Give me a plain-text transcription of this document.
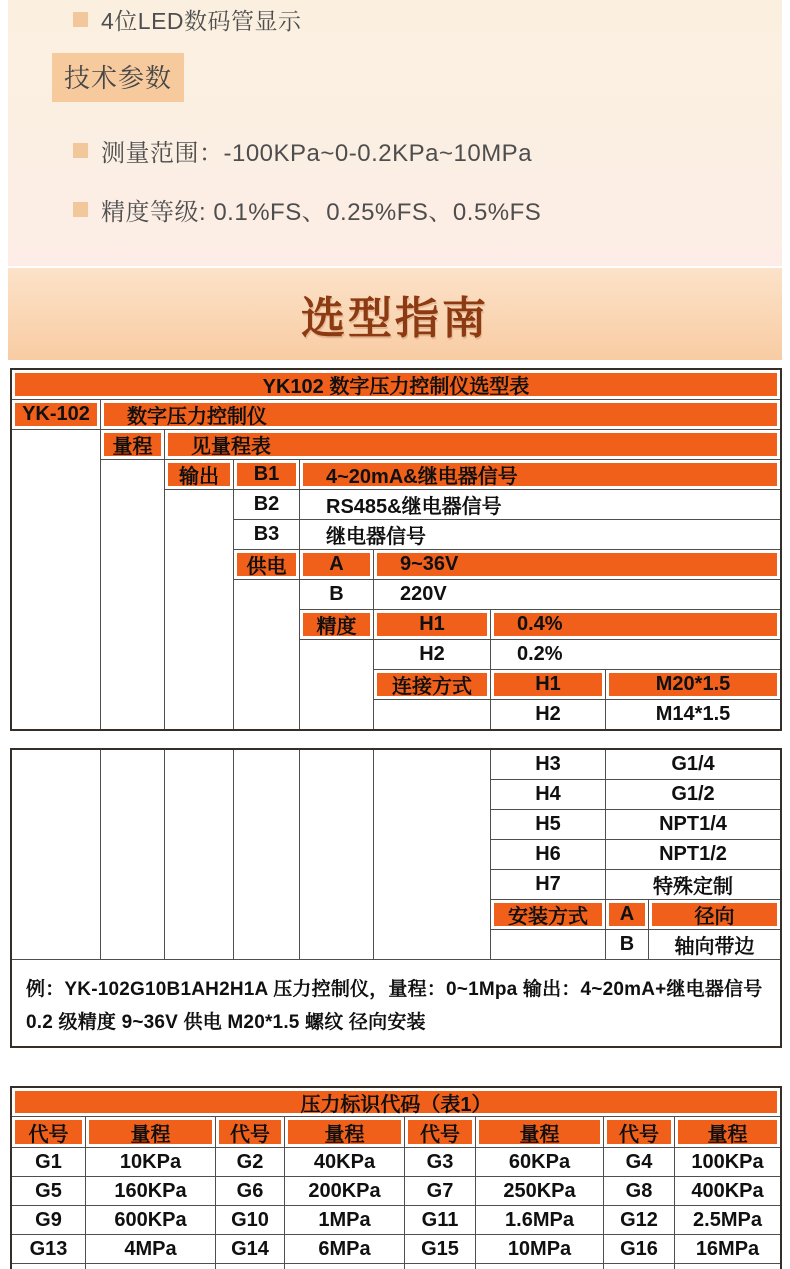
4位LED数码管显示
技术参数
测量范围：-100KPa~0-0.2KPa~10MPa
精度等级: 0.1%FS、0.25%FS、0.5%FS
选型指南
YK102 数字压力控制仪选型表
YK-102	数字压力控制仪
量程	见量程表
输出	B1	4~20mA&继电器信号
B2	RS485&继电器信号
B3	继电器信号
供电	A	9~36V
B	220V
精度	H1	0.4%
H2	0.2%
连接方式	H1	M20*1.5
H2	M14*1.5
H3	G1/4
H4	G1/2
H5	NPT1/4
H6	NPT1/2
H7	特殊定制
安装方式	A	径向
B	轴向带边
例：YK-102G10B1AH2H1A 压力控制仪，量程：0~1Mpa 输出：4~20mA+继电器信号 0.2 级精度 9~36V 供电 M20*1.5 螺纹 径向安装
压力标识代码（表1）
代号	量程	代号	量程	代号	量程	代号	量程
G1	10KPa	G2	40KPa	G3	60KPa	G4	100KPa
G5	160KPa	G6	200KPa	G7	250KPa	G8	400KPa
G9	600KPa	G10	1MPa	G11	1.6MPa	G12	2.5MPa
G13	4MPa	G14	6MPa	G15	10MPa	G16	16MPa
